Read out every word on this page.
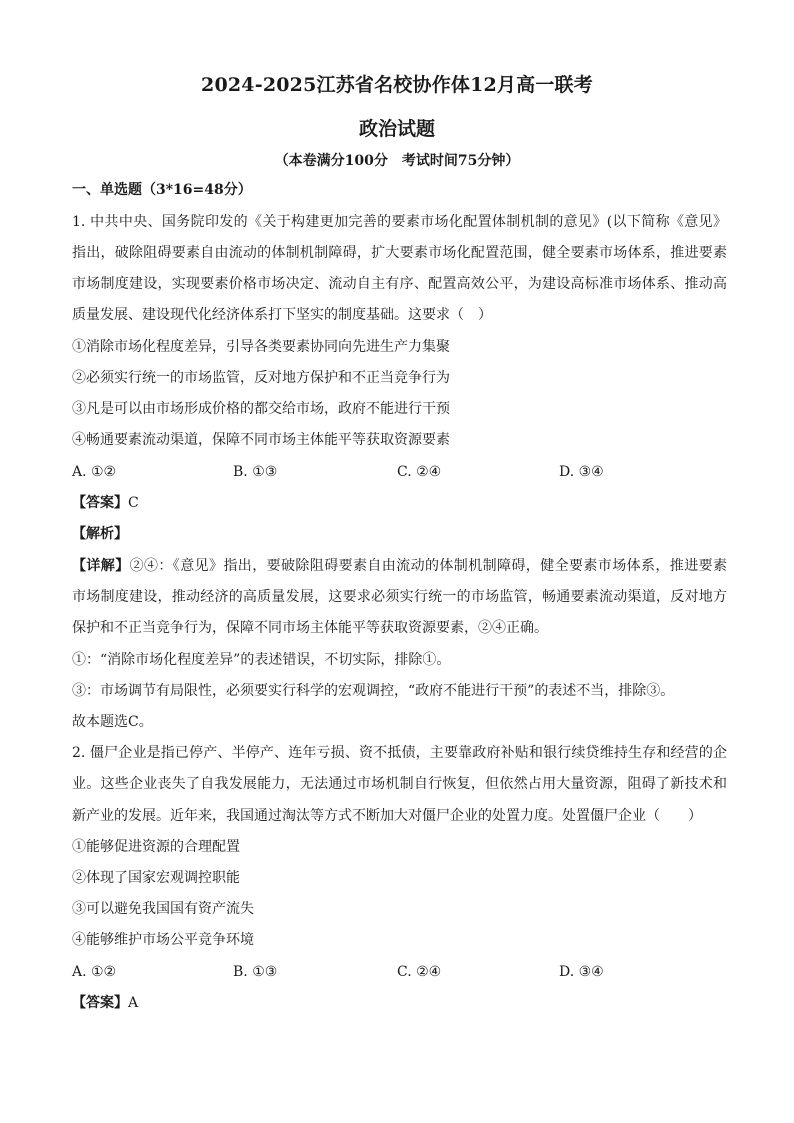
2024-2025江苏省名校协作体12月高一联考
政治试题
（本卷满分100分　考试时间75分钟）
一、单选题（3*16=48分）
1. 中共中央、国务院印发的《关于构建更加完善的要素市场化配置体制机制的意见》(以下简称《意见》
指出，破除阻碍要素自由流动的体制机制障碍，扩大要素市场化配置范围，健全要素市场体系，推进要素
市场制度建设，实现要素价格市场决定、流动自主有序、配置高效公平，为建设高标准市场体系、推动高
质量发展、建设现代化经济体系打下坚实的制度基础。这要求（　）
①消除市场化程度差异，引导各类要素协同向先进生产力集聚
②必须实行统一的市场监管，反对地方保护和不正当竞争行为
③凡是可以由市场形成价格的都交给市场，政府不能进行干预
④畅通要素流动渠道，保障不同市场主体能平等获取资源要素
A. ①②	B. ①③	C. ②④	D. ③④
【答案】C
【解析】
【详解】②④：《意见》指出，要破除阻碍要素自由流动的体制机制障碍，健全要素市场体系，推进要素
市场制度建设，推动经济的高质量发展，这要求必须实行统一的市场监管，畅通要素流动渠道，反对地方
保护和不正当竞争行为，保障不同市场主体能平等获取资源要素，②④正确。
①：“消除市场化程度差异”的表述错误，不切实际，排除①。
③：市场调节有局限性，必须要实行科学的宏观调控，“政府不能进行干预”的表述不当，排除③。
故本题选C。
2. 僵尸企业是指已停产、半停产、连年亏损、资不抵债，主要靠政府补贴和银行续贷维持生存和经营的企
业。这些企业丧失了自我发展能力，无法通过市场机制自行恢复，但依然占用大量资源，阻碍了新技术和
新产业的发展。近年来，我国通过淘汰等方式不断加大对僵尸企业的处置力度。处置僵尸企业（　　）
①能够促进资源的合理配置
②体现了国家宏观调控职能
③可以避免我国国有资产流失
④能够维护市场公平竞争环境
A. ①②	B. ①③	C. ②④	D. ③④
【答案】A
